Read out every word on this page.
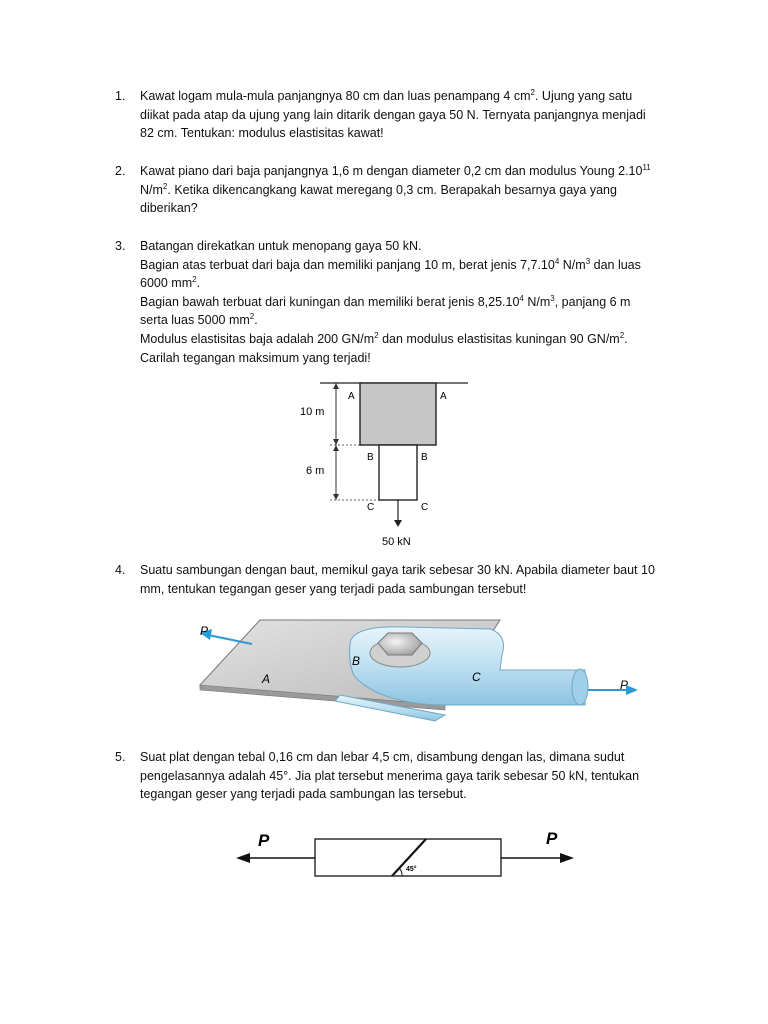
1. Kawat logam mula-mula panjangnya 80 cm dan luas penampang 4 $cm^2$. Ujung yang satu
diikat pada atap da ujung yang lain ditarik dengan gaya 50 N. Ternyata panjangnya menjadi
82 cm. Tentukan: modulus elastisitas kawat!
2. Kawat piano dari baja panjangnya 1,6 m dengan diameter 0,2 cm dan modulus Young 2.10$^{11}$
$N/m^2$. Ketika dikencangkang kawat meregang 0,3 cm. Berapakah besarnya gaya yang
diberikan?
3. Batangan direkatkan untuk menopang gaya 50 kN.
Bagian atas terbuat dari baja dan memiliki panjang 10 m, berat jenis 7,7.10$^4$ $N/m^3$ dan luas
6000 $mm^2$.
Bagian bawah terbuat dari kuningan dan memiliki berat jenis 8,25.10$^4$ $N/m^3$, panjang 6 m
serta luas 5000 $mm^2$.
Modulus elastisitas baja adalah 200 $GN/m^2$ dan modulus elastisitas kuningan 90 $GN/m^2$.
Carilah tegangan maksimum yang terjadi!
10 m
6 m
A	A
B	B
C	C
50 kN
4. Suatu sambungan dengan baut, memikul gaya tarik sebesar 30 kN. Apabila diameter baut 10
mm, tentukan tegangan geser yang terjadi pada sambungan tersebut!
P
P
A
B
C
5. Suat plat dengan tebal 0,16 cm dan lebar 4,5 cm, disambung dengan las, dimana sudut
pengelasannya adalah 45°. Jia plat tersebut menerima gaya tarik sebesar 50 kN, tentukan
tegangan geser yang terjadi pada sambungan las tersebut.
45°
P	P
